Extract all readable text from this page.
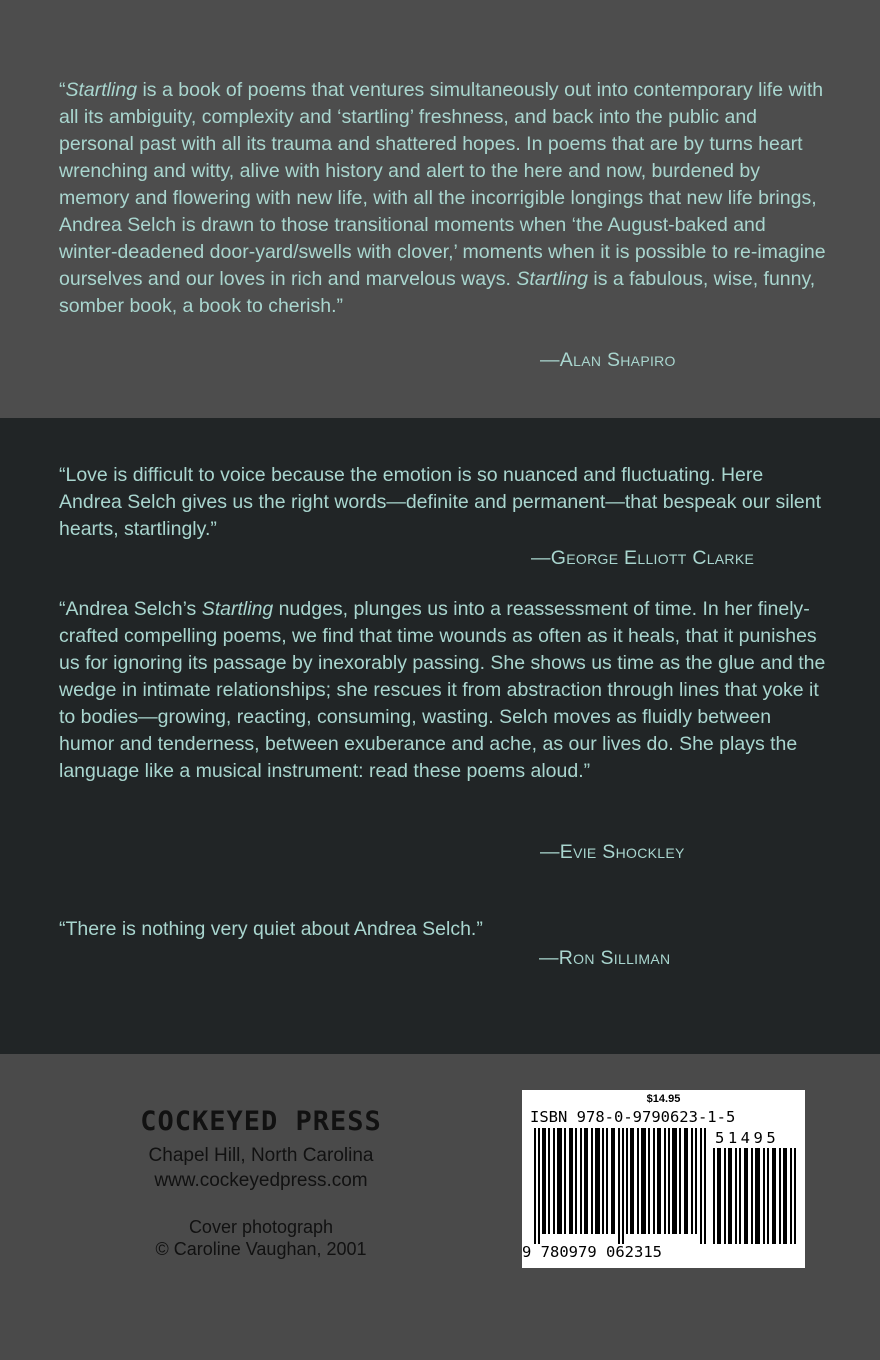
“Startling is a book of poems that ventures simultaneously out into contemporary life with all its ambiguity, complexity and ‘startling’ freshness, and back into the public and personal past with all its trauma and shattered hopes. In poems that are by turns heart wrenching and witty, alive with history and alert to the here and now, burdened by memory and flowering with new life, with all the incorrigible longings that new life brings, Andrea Selch is drawn to those transitional moments when ‘the August-baked and winter-deadened door-yard/swells with clover,’ moments when it is possible to re-imagine ourselves and our loves in rich and marvelous ways. Startling is a fabulous, wise, funny, somber book, a book to cherish.”

—Alan Shapiro

“Love is difficult to voice because the emotion is so nuanced and fluctuating. Here Andrea Selch gives us the right words—definite and permanent—that bespeak our silent hearts, startlingly.”

—George Elliott Clarke

“Andrea Selch’s Startling nudges, plunges us into a reassessment of time. In her finely-crafted compelling poems, we find that time wounds as often as it heals, that it punishes us for ignoring its passage by inexorably passing. She shows us time as the glue and the wedge in intimate relationships; she rescues it from abstraction through lines that yoke it to bodies—growing, reacting, consuming, wasting. Selch moves as fluidly between humor and tenderness, between exuberance and ache, as our lives do. She plays the language like a musical instrument: read these poems aloud.”

—Evie Shockley

“There is nothing very quiet about Andrea Selch.”

—Ron Silliman

COCKEYED PRESS

Chapel Hill, North Carolina

www.cockeyedpress.com

Cover photograph
© Caroline Vaughan, 2001
$14.95
ISBN 978-0-9790623-1-5
51495
9 780979 062315
